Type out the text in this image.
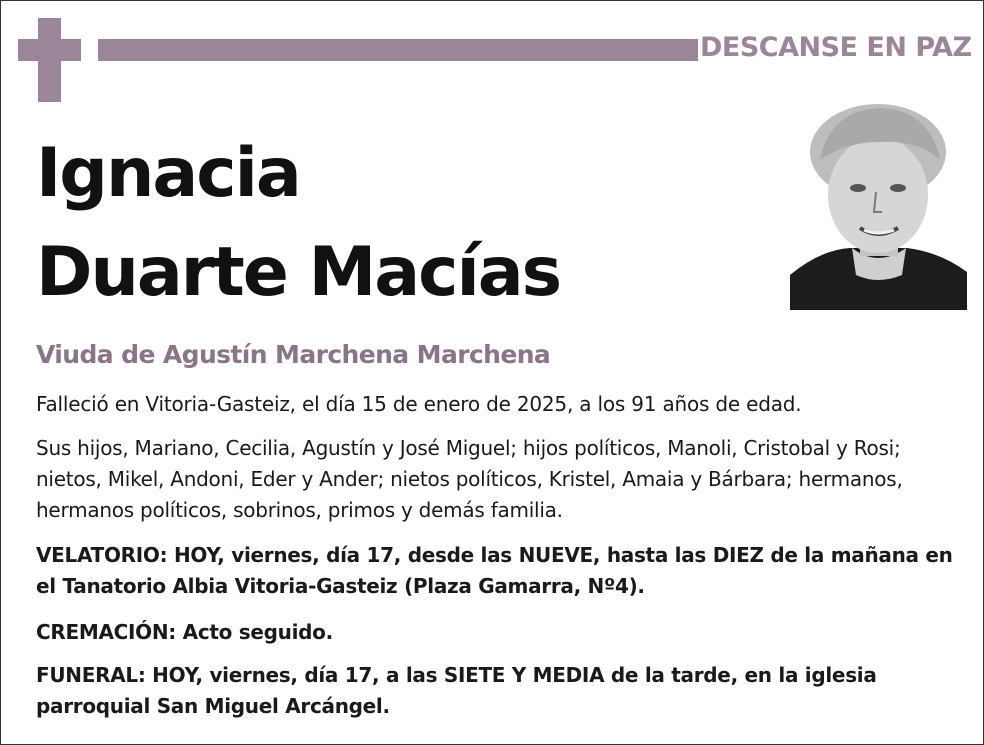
DESCANSE EN PAZ
Ignacia
Duarte Macías
Viuda de Agustín Marchena Marchena
Falleció en Vitoria-Gasteiz, el día 15 de enero de 2025, a los 91 años de edad.
Sus hijos, Mariano, Cecilia, Agustín y José Miguel; hijos políticos, Manoli, Cristobal y Rosi; nietos, Mikel, Andoni, Eder y Ander; nietos políticos, Kristel, Amaia y Bárbara; hermanos, hermanos políticos, sobrinos, primos y demás familia.
VELATORIO: HOY, viernes, día 17, desde las NUEVE, hasta las DIEZ de la mañana en el Tanatorio Albia Vitoria-Gasteiz (Plaza Gamarra, Nº4).
CREMACIÓN: Acto seguido.
FUNERAL: HOY, viernes, día 17, a las SIETE Y MEDIA de la tarde, en la iglesia parroquial San Miguel Arcángel.
